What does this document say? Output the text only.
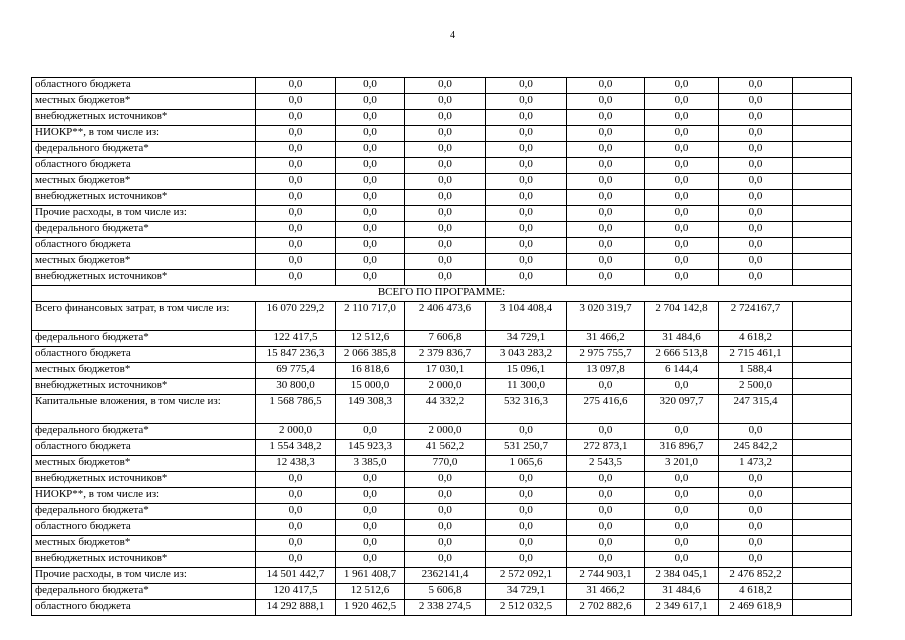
4
областного бюджета	0,0	0,0	0,0	0,0	0,0	0,0	0,0	
местных бюджетов*	0,0	0,0	0,0	0,0	0,0	0,0	0,0	
внебюджетных источников*	0,0	0,0	0,0	0,0	0,0	0,0	0,0	
НИОКР**, в том числе из:	0,0	0,0	0,0	0,0	0,0	0,0	0,0	
федерального бюджета*	0,0	0,0	0,0	0,0	0,0	0,0	0,0	
областного бюджета	0,0	0,0	0,0	0,0	0,0	0,0	0,0	
местных бюджетов*	0,0	0,0	0,0	0,0	0,0	0,0	0,0	
внебюджетных источников*	0,0	0,0	0,0	0,0	0,0	0,0	0,0	
Прочие расходы, в том числе из:	0,0	0,0	0,0	0,0	0,0	0,0	0,0	
федерального бюджета*	0,0	0,0	0,0	0,0	0,0	0,0	0,0	
областного бюджета	0,0	0,0	0,0	0,0	0,0	0,0	0,0	
местных бюджетов*	0,0	0,0	0,0	0,0	0,0	0,0	0,0	
внебюджетных источников*	0,0	0,0	0,0	0,0	0,0	0,0	0,0	
ВСЕГО ПО ПРОГРАММЕ:								
Всего финансовых затрат, в том числе из:	16 070 229,2	2 110 717,0	2 406 473,6	3 104 408,4	3 020 319,7	2 704 142,8	2 724167,7	
федерального бюджета*	122 417,5	12 512,6	7 606,8	34 729,1	31 466,2	31 484,6	4 618,2	
областного бюджета	15 847 236,3	2 066 385,8	2 379 836,7	3 043 283,2	2 975 755,7	2 666 513,8	2 715 461,1	
местных бюджетов*	69 775,4	16 818,6	17 030,1	15 096,1	13 097,8	6 144,4	1 588,4	
внебюджетных источников*	30 800,0	15 000,0	2 000,0	11 300,0	0,0	0,0	2 500,0	
Капитальные вложения, в том числе из:	1 568 786,5	149 308,3	44 332,2	532 316,3	275 416,6	320 097,7	247 315,4	
федерального бюджета*	2 000,0	0,0	2 000,0	0,0	0,0	0,0	0,0	
областного бюджета	1 554 348,2	145 923,3	41 562,2	531 250,7	272 873,1	316 896,7	245 842,2	
местных бюджетов*	12 438,3	3 385,0	770,0	1 065,6	2 543,5	3 201,0	1 473,2	
внебюджетных источников*	0,0	0,0	0,0	0,0	0,0	0,0	0,0	
НИОКР**, в том числе из:	0,0	0,0	0,0	0,0	0,0	0,0	0,0	
федерального бюджета*	0,0	0,0	0,0	0,0	0,0	0,0	0,0	
областного бюджета	0,0	0,0	0,0	0,0	0,0	0,0	0,0	
местных бюджетов*	0,0	0,0	0,0	0,0	0,0	0,0	0,0	
внебюджетных источников*	0,0	0,0	0,0	0,0	0,0	0,0	0,0	
Прочие расходы, в том числе из:	14 501 442,7	1 961 408,7	2362141,4	2 572 092,1	2 744 903,1	2 384 045,1	2 476 852,2	
федерального бюджета*	120 417,5	12 512,6	5 606,8	34 729,1	31 466,2	31 484,6	4 618,2	
областного бюджета	14 292 888,1	1 920 462,5	2 338 274,5	2 512 032,5	2 702 882,6	2 349 617,1	2 469 618,9	
